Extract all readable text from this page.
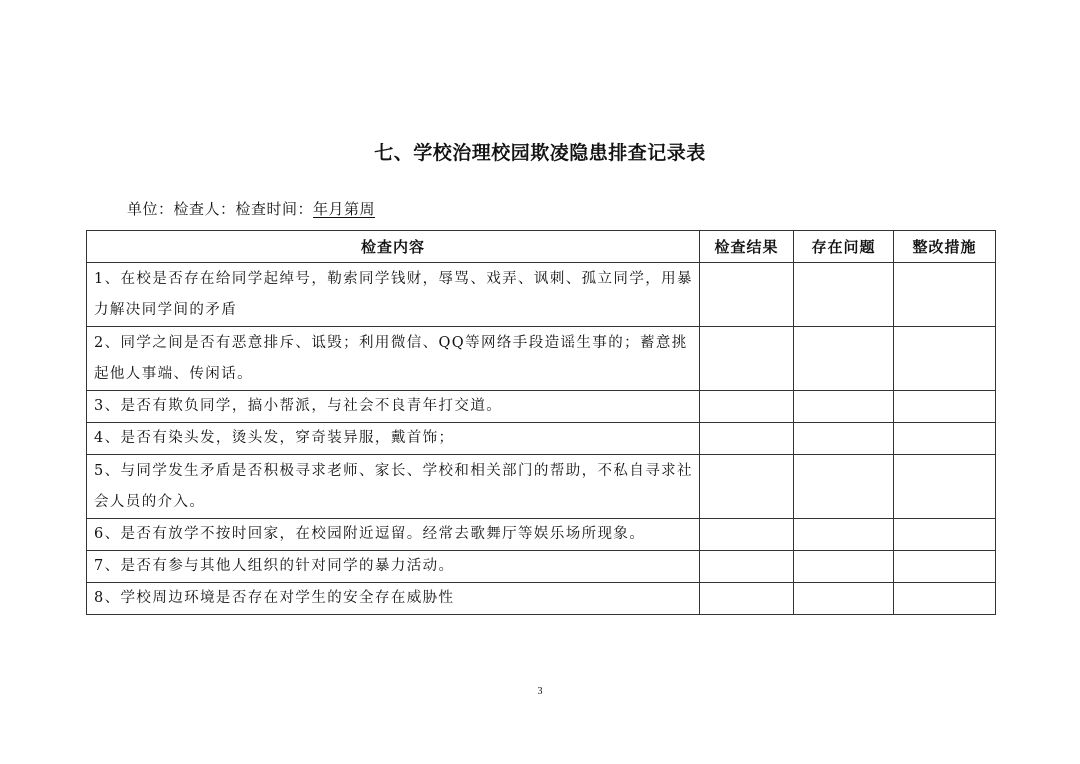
七、学校治理校园欺凌隐患排查记录表
单位：检查人：检查时间：年月第周
检查内容	检查结果	存在问题	整改措施
1、在校是否存在给同学起绰号，勒索同学钱财，辱骂、戏弄、讽刺、孤立同学，用暴力解决同学间的矛盾			
2、同学之间是否有恶意排斥、诋毁；利用微信、QQ等网络手段造谣生事的；蓄意挑起他人事端、传闲话。			
3、是否有欺负同学，搞小帮派，与社会不良青年打交道。			
4、是否有染头发，烫头发，穿奇装异服，戴首饰；			
5、与同学发生矛盾是否积极寻求老师、家长、学校和相关部门的帮助，不私自寻求社会人员的介入。			
6、是否有放学不按时回家，在校园附近逗留。经常去歌舞厅等娱乐场所现象。			
7、是否有参与其他人组织的针对同学的暴力活动。			
8、学校周边环境是否存在对学生的安全存在威胁性			
3
